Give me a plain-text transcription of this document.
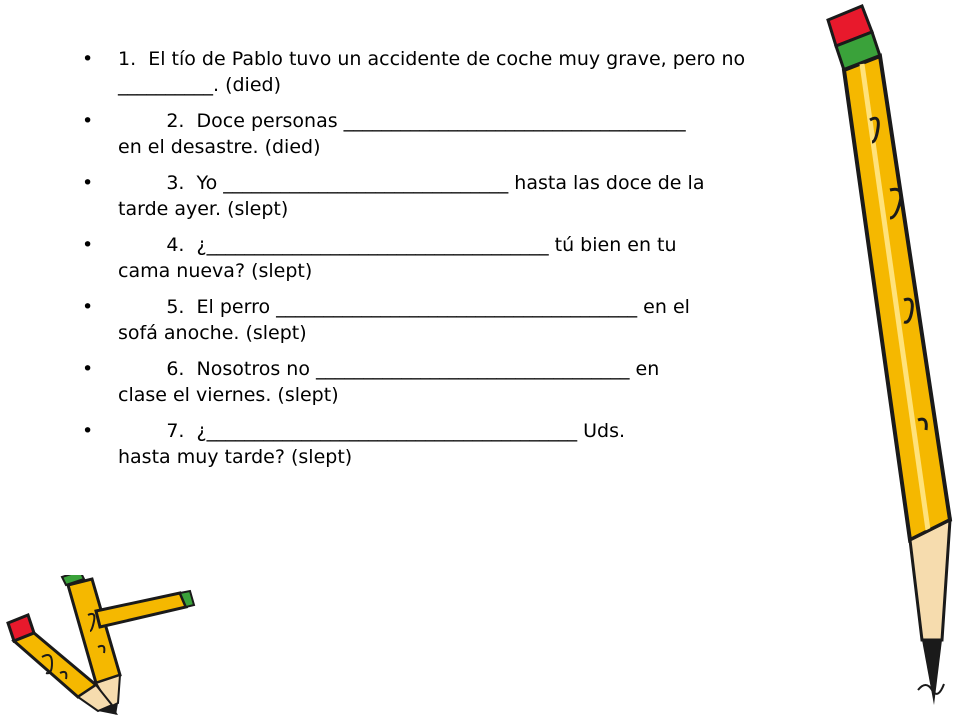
•	1.  El tío de Pablo tuvo un accidente de coche muy grave, pero no
__________. (died)
•	2.  Doce personas ____________________________________
en el desastre. (died)
•	3.  Yo ______________________________ hasta las doce de la
tarde ayer. (slept)
•	4.  ¿____________________________________ tú bien en tu
cama nueva? (slept)
•	5.  El perro ______________________________________ en el
sofá anoche. (slept)
•	6.  Nosotros no _________________________________ en
clase el viernes. (slept)
•	7.  ¿_______________________________________ Uds.
hasta muy tarde? (slept)
